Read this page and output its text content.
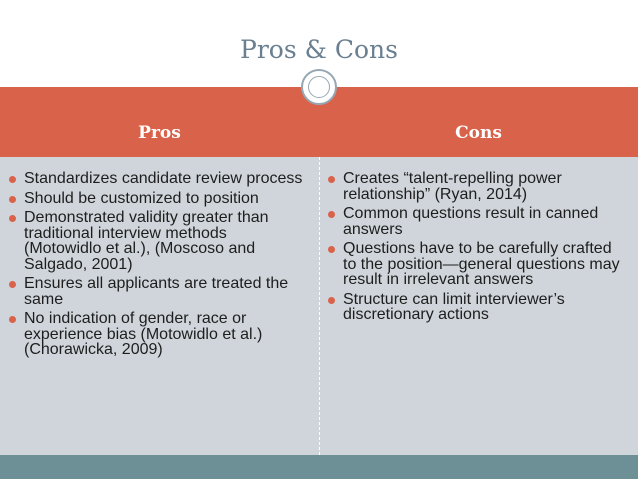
Pros & Cons
Pros	Cons
Standardizes candidate review process
Should be customized to position
Demonstrated validity greater than traditional interview methods (Motowidlo et al.), (Moscoso and Salgado, 2001)
Ensures all applicants are treated the same
No indication of gender, race or experience bias (Motowidlo et al.) (Chorawicka, 2009)
Creates “talent-repelling power relationship” (Ryan, 2014)
Common questions result in canned answers
Questions have to be carefully crafted to the position—general questions may result in irrelevant answers
Structure can limit interviewer’s discretionary actions
